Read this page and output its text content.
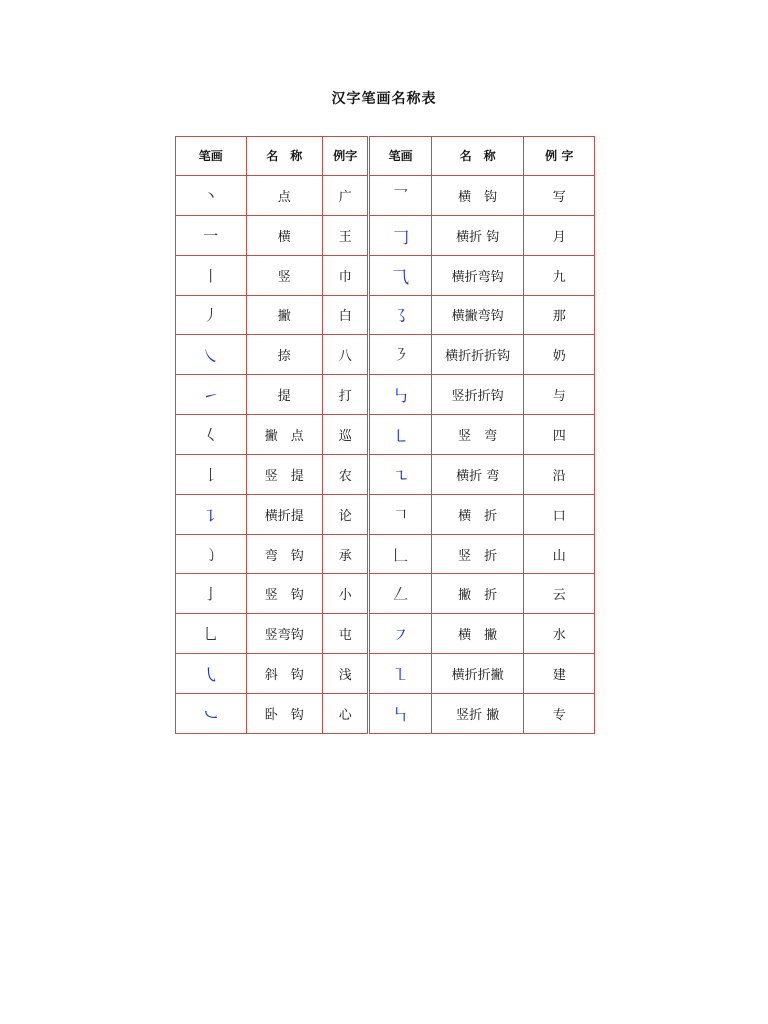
汉字笔画名称表
笔画	名　称	例字	笔画	名　称	例 字
丶	点	广	乛	横　钩	写
一	横	王	𠃌	横折 钩	月
丨	竖	巾	⺄	横折弯钩	九
丿	撇	白	㇌	横撇弯钩	那
㇏	捺	八	㇋	横折折折钩	奶
㇀	提	打	㇉	竖折折钩	与
𡿨	撇　点	巡	㇄	竖　弯	四
𠄌	竖　提	农	㇍	横折 弯	沿
㇊	横折提	论	𠃍	横　折	口
㇁	弯　钩	承	𠃊	竖　折	山
亅	竖　钩	小	𠃋	撇　折	云
乚	竖弯钩	屯	㇇	横　撇	水
㇂	斜　钩	浅	㇅	横折折撇	建
㇃	卧　钩	心	㇞	竖折 撇	专
